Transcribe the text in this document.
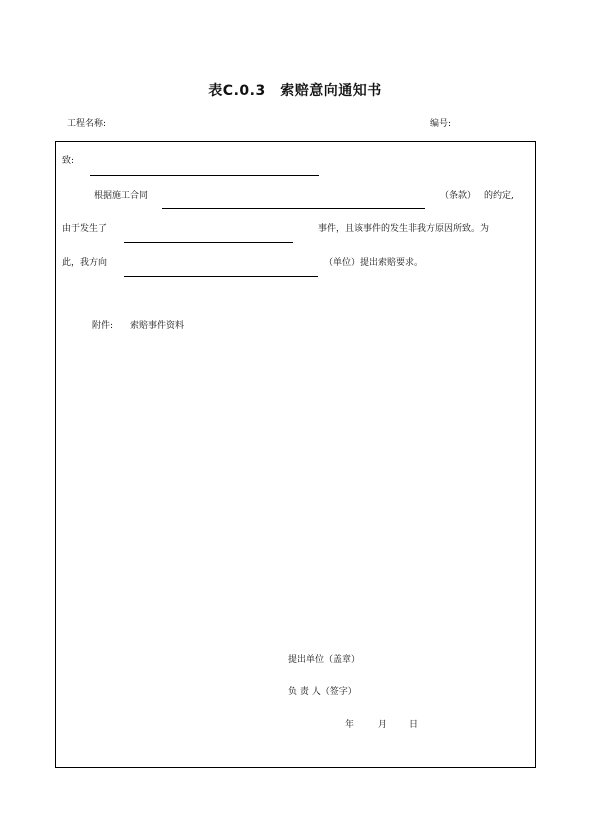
表C.0.3　索赔意向通知书
工程名称:	编号:
致:
根据施工合同	（条款） 的约定,
由于发生了	事件，且该事件的发生非我方原因所致。为
此，我方向	（单位）提出索赔要求。
附件: 索赔事件资料
提出单位（盖章）
负 责 人（签字）
年	月 日
